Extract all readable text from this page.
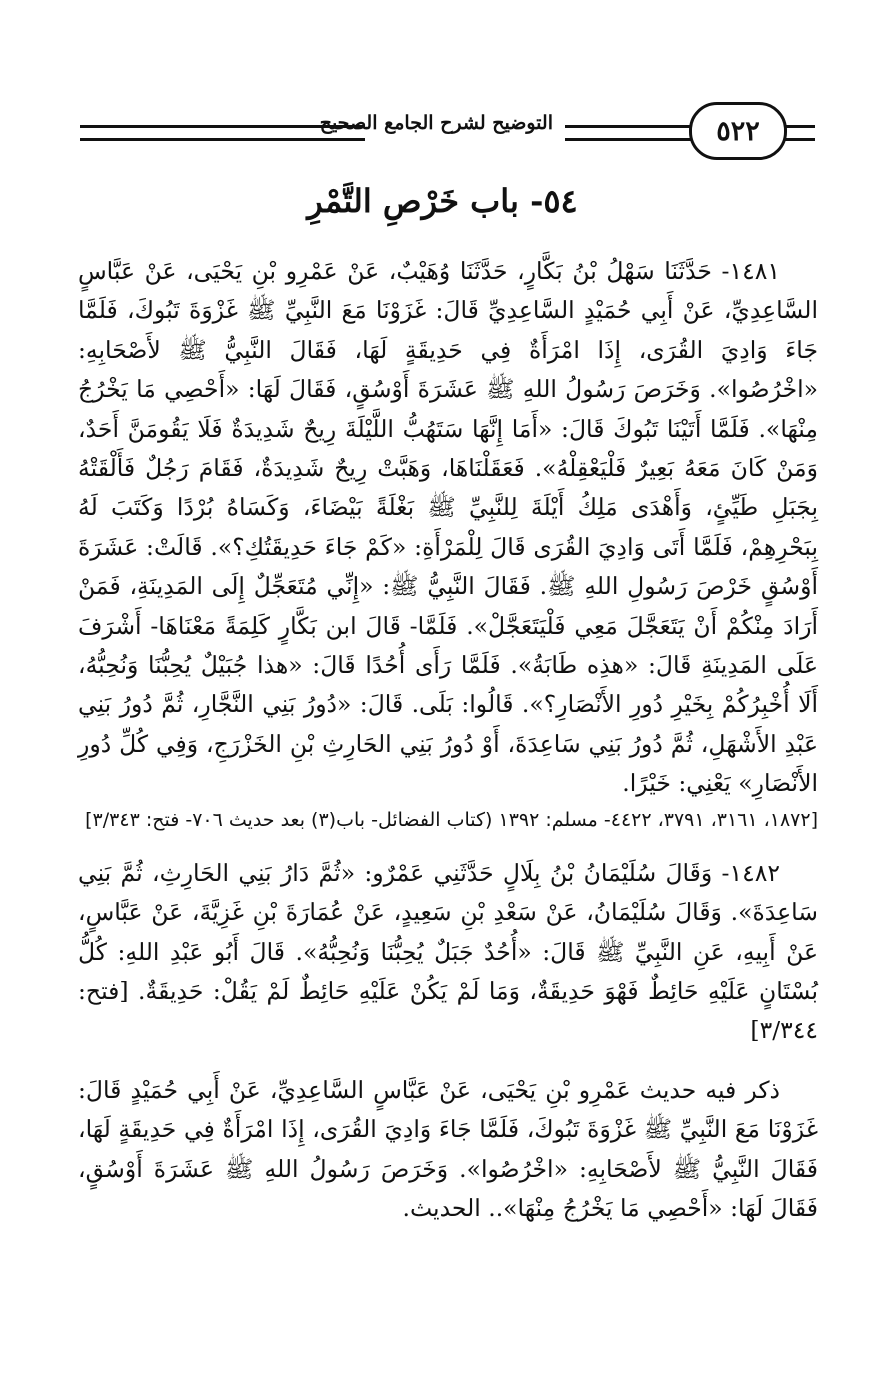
٥٢٢
التوضيح لشرح الجامع الصحيح
٥٤- باب خَرْصِ التَّمْرِ

١٤٨١- حَدَّثَنَا سَهْلُ بْنُ بَكَّارٍ، حَدَّثَنَا وُهَيْبٌ، عَنْ عَمْرِو بْنِ يَحْيَى، عَنْ عَبَّاسٍ السَّاعِدِيِّ، عَنْ أَبِي حُمَيْدٍ السَّاعِدِيِّ قَالَ: غَزَوْنَا مَعَ النَّبِيِّ ﷺ غَزْوَةَ تَبُوكَ، فَلَمَّا جَاءَ وَادِيَ القُرَى، إِذَا امْرَأَةٌ فِي حَدِيقَةٍ لَهَا، فَقَالَ النَّبِيُّ ﷺ لأَصْحَابِهِ: «اخْرُصُوا». وَخَرَصَ رَسُولُ اللهِ ﷺ عَشَرَةَ أَوْسُقٍ، فَقَالَ لَهَا: «أَحْصِي مَا يَخْرُجُ مِنْهَا». فَلَمَّا أَتَيْنَا تَبُوكَ قَالَ: «أَمَا إِنَّهَا سَتَهُبُّ اللَّيْلَةَ رِيحٌ شَدِيدَةٌ فَلَا يَقُومَنَّ أَحَدٌ، وَمَنْ كَانَ مَعَهُ بَعِيرٌ فَلْيَعْقِلْهُ». فَعَقَلْنَاهَا، وَهَبَّتْ رِيحٌ شَدِيدَةٌ، فَقَامَ رَجُلٌ فَأَلْقَتْهُ بِجَبَلِ طَيِّئٍ، وَأَهْدَى مَلِكُ أَيْلَةَ لِلنَّبِيِّ ﷺ بَغْلَةً بَيْضَاءَ، وَكَسَاهُ بُرْدًا وَكَتَبَ لَهُ بِبَحْرِهِمْ، فَلَمَّا أَتَى وَادِيَ القُرَى قَالَ لِلْمَرْأَةِ: «كَمْ جَاءَ حَدِيقَتُكِ؟». قَالَتْ: عَشَرَةَ أَوْسُقٍ خَرْصَ رَسُولِ اللهِ ﷺ. فَقَالَ النَّبِيُّ ﷺ: «إِنِّي مُتَعَجِّلٌ إِلَى المَدِينَةِ، فَمَنْ أَرَادَ مِنْكُمْ أَنْ يَتَعَجَّلَ مَعِي فَلْيَتَعَجَّلْ». فَلَمَّا- قَالَ ابن بَكَّارٍ كَلِمَةً مَعْنَاهَا- أَشْرَفَ عَلَى المَدِينَةِ قَالَ: «هذِه طَابَةُ». فَلَمَّا رَأَى أُحُدًا قَالَ: «هذا جُبَيْلٌ يُحِبُّنَا وَنُحِبُّهُ، أَلَا أُخْبِرُكُمْ بِخَيْرِ دُورِ الأَنْصَارِ؟». قَالُوا: بَلَى. قَالَ: «دُورُ بَنِي النَّجَّارِ، ثُمَّ دُورُ بَنِي عَبْدِ الأَشْهَلِ، ثُمَّ دُورُ بَنِي سَاعِدَةَ، أَوْ دُورُ بَنِي الحَارِثِ بْنِ الخَزْرَجِ، وَفِي كُلِّ دُورِ الأَنْصَارِ» يَعْنِي: خَيْرًا.

[١٨٧٢، ٣١٦١، ٣٧٩١، ٤٤٢٢- مسلم: ١٣٩٢ (كتاب الفضائل- باب(٣) بعد حديث ٧٠٦- فتح: ٣/٣٤٣]

١٤٨٢- وَقَالَ سُلَيْمَانُ بْنُ بِلَالٍ حَدَّثَنِي عَمْرٌو: «ثُمَّ دَارُ بَنِي الحَارِثِ، ثُمَّ بَنِي سَاعِدَةَ». وَقَالَ سُلَيْمَانُ، عَنْ سَعْدِ بْنِ سَعِيدٍ، عَنْ عُمَارَةَ بْنِ غَزِيَّةَ، عَنْ عَبَّاسٍ، عَنْ أَبِيهِ، عَنِ النَّبِيِّ ﷺ قَالَ: «أُحُدٌ جَبَلٌ يُحِبُّنَا وَنُحِبُّهُ». قَالَ أَبُو عَبْدِ اللهِ: كُلُّ بُسْتَانٍ عَلَيْهِ حَائِطٌ فَهْوَ حَدِيقَةٌ، وَمَا لَمْ يَكُنْ عَلَيْهِ حَائِطٌ لَمْ يَقُلْ: حَدِيقَةٌ. [فتح: ٣/٣٤٤]

ذكر فيه حديث عَمْرِو بْنِ يَحْيَى، عَنْ عَبَّاسٍ السَّاعِدِيِّ، عَنْ أَبِي حُمَيْدٍ قَالَ: غَزَوْنَا مَعَ النَّبِيِّ ﷺ غَزْوَةَ تَبُوكَ، فَلَمَّا جَاءَ وَادِيَ القُرَى، إِذَا امْرَأَةٌ فِي حَدِيقَةٍ لَهَا، فَقَالَ النَّبِيُّ ﷺ لأَصْحَابِهِ: «اخْرُصُوا». وَخَرَصَ رَسُولُ اللهِ ﷺ عَشَرَةَ أَوْسُقٍ، فَقَالَ لَهَا: «أَحْصِي مَا يَخْرُجُ مِنْهَا».. الحديث.
